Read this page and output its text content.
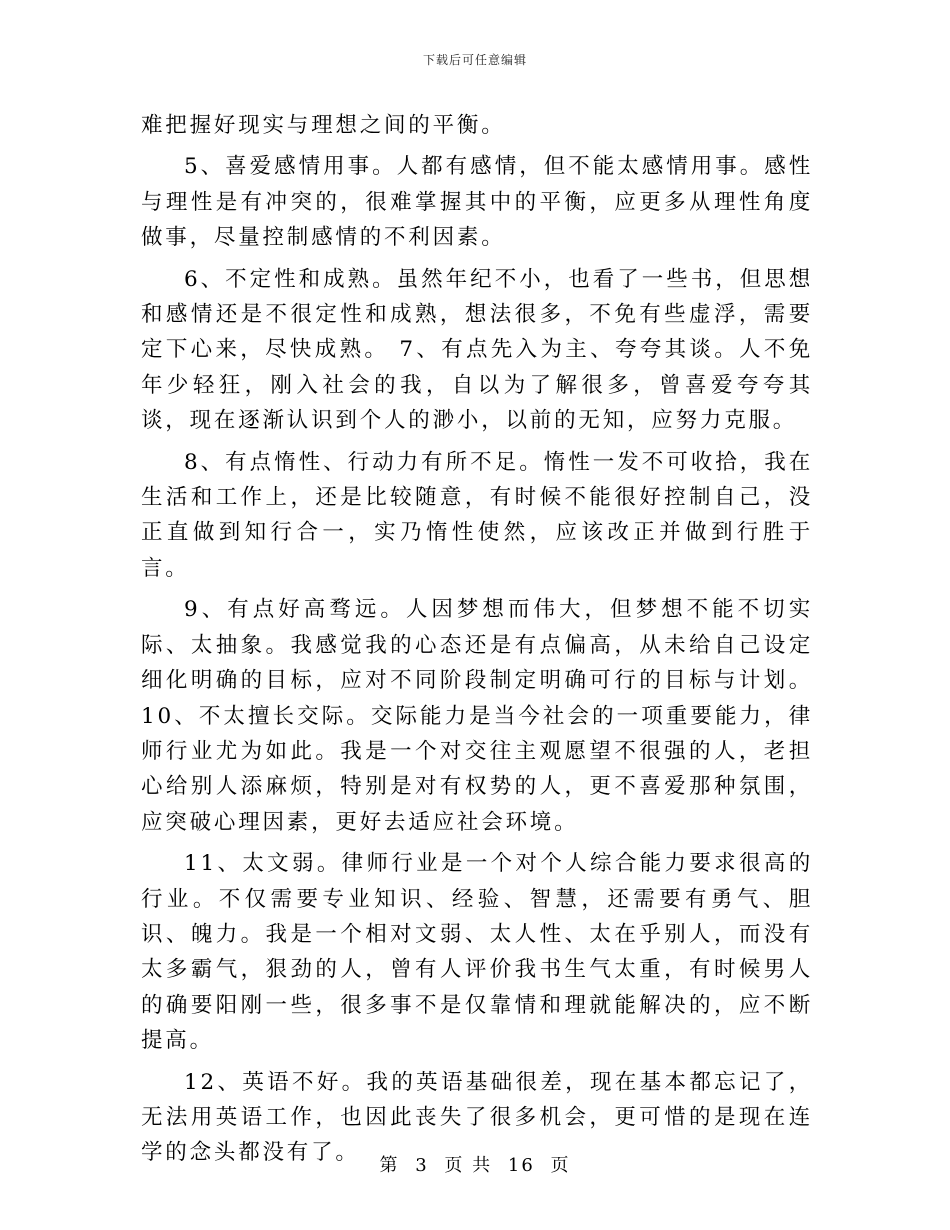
下载后可任意编辑

难把握好现实与理想之间的平衡。

5、喜爱感情用事。人都有感情，但不能太感情用事。感性与理性是有冲突的，很难掌握其中的平衡，应更多从理性角度做事，尽量控制感情的不利因素。

6、不定性和成熟。虽然年纪不小，也看了一些书，但思想和感情还是不很定性和成熟，想法很多，不免有些虚浮，需要定下心来，尽快成熟。 7、有点先入为主、夸夸其谈。人不免年少轻狂，刚入社会的我，自以为了解很多，曾喜爱夸夸其谈，现在逐渐认识到个人的渺小，以前的无知，应努力克服。

8、有点惰性、行动力有所不足。惰性一发不可收拾，我在生活和工作上，还是比较随意，有时候不能很好控制自己，没正直做到知行合一，实乃惰性使然，应该改正并做到行胜于言。

9、有点好高骛远。人因梦想而伟大，但梦想不能不切实际、太抽象。我感觉我的心态还是有点偏高，从未给自己设定细化明确的目标，应对不同阶段制定明确可行的目标与计划。 10、不太擅长交际。交际能力是当今社会的一项重要能力，律师行业尤为如此。我是一个对交往主观愿望不很强的人，老担心给别人添麻烦，特别是对有权势的人，更不喜爱那种氛围，应突破心理因素，更好去适应社会环境。

11、太文弱。律师行业是一个对个人综合能力要求很高的行业。不仅需要专业知识、经验、智慧，还需要有勇气、胆识、魄力。我是一个相对文弱、太人性、太在乎别人，而没有太多霸气，狠劲的人，曾有人评价我书生气太重，有时候男人的确要阳刚一些，很多事不是仅靠情和理就能解决的，应不断提高。

12、英语不好。我的英语基础很差，现在基本都忘记了，无法用英语工作，也因此丧失了很多机会，更可惜的是现在连学的念头都没有了。

第 3 页 共 16 页
